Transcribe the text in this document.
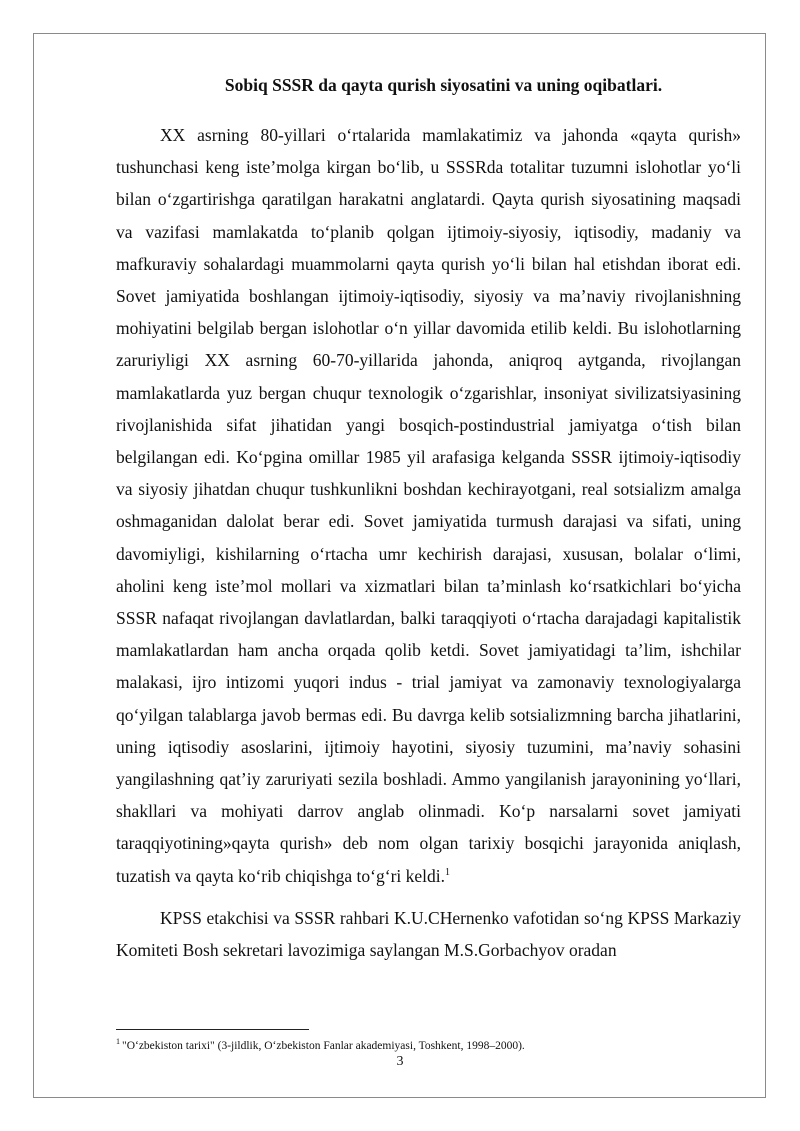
Sobiq SSSR da qayta qurish siyosatini va uning oqibatlari.

XX asrning 80-yillari o‘rtalarida mamlakatimiz va jahonda «qayta qurish» tushunchasi keng iste’molga kirgan bo‘lib, u SSSRda totalitar tuzumni islohotlar yo‘li bilan o‘zgartirishga qaratilgan harakatni anglatardi. Qayta qurish siyosatining maqsadi va vazifasi mamlakatda to‘planib qolgan ijtimoiy-siyosiy, iqtisodiy, madaniy va mafkuraviy sohalardagi muammolarni qayta qurish yo‘li bilan hal etishdan iborat edi. Sovet jamiyatida boshlangan ijtimoiy-iqtisodiy, siyosiy va ma’naviy rivojlanishning mohiyatini belgilab bergan islohotlar o‘n yillar davomida etilib keldi. Bu islohotlarning zaruriyligi XX asrning 60-70-yillarida jahonda, aniqroq aytganda, rivojlangan mamlakatlarda yuz bergan chuqur texnologik o‘zgarishlar, insoniyat sivilizatsiyasining rivojlanishida sifat jihatidan yangi bosqich-postindustrial jamiyatga o‘tish bilan belgilangan edi. Ko‘pgina omillar 1985 yil arafasiga kelganda SSSR ijtimoiy-iqtisodiy va siyosiy jihatdan chuqur tushkunlikni boshdan kechirayotgani, real sotsializm amalga oshmaganidan dalolat berar edi. Sovet jamiyatida turmush darajasi va sifati, uning davomiyligi, kishilarning o‘rtacha umr kechirish darajasi, xususan, bolalar o‘limi, aholini keng iste’mol mollari va xizmatlari bilan ta’minlash ko‘rsatkichlari bo‘yicha SSSR nafaqat rivojlangan davlatlardan, balki taraqqiyoti o‘rtacha darajadagi kapitalistik mamlakatlardan ham ancha orqada qolib ketdi. Sovet jamiyatidagi ta’lim, ishchilar malakasi, ijro intizomi yuqori indus - trial jamiyat va zamonaviy texnologiyalarga qo‘yilgan talablarga javob bermas edi. Bu davrga kelib sotsializmning barcha jihatlarini, uning iqtisodiy asoslarini, ijtimoiy hayotini, siyosiy tuzumini, ma’naviy sohasini yangilashning qat’iy zaruriyati sezila boshladi. Ammo yangilanish jarayonining yo‘llari, shakllari va mohiyati darrov anglab olinmadi. Ko‘p narsalarni sovet jamiyati taraqqiyotining»qayta qurish» deb nom olgan tarixiy bosqichi jarayonida aniqlash, tuzatish va qayta ko‘rib chiqishga to‘g‘ri keldi.$^1$

KPSS etakchisi va SSSR rahbari K.U.CHernenko vafotidan so‘ng KPSS Markaziy Komiteti Bosh sekretari lavozimiga saylangan M.S.Gorbachyov oradan

$^1$ "O‘zbekiston tarixi" (3-jildlik, O‘zbekiston Fanlar akademiyasi, Toshkent, 1998–2000).
3
